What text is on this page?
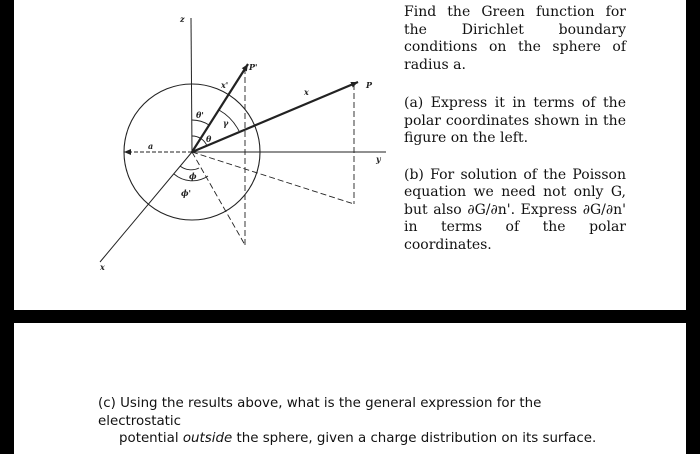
z
y
x
P
P'
x
x'
a
θ'
γ
θ
ϕ
ϕ'

Find the Green function for the Dirichlet boundary conditions on the sphere of radius a.

(a) Express it in terms of the polar coordinates shown in the figure on the left.

(b) For solution of the Poisson equation we need not only G, but also ∂G/∂n'. Express ∂G/∂n' in terms of the polar coordinates.

(c) Using the results above, what is the general expression for the electrostatic

potential outside the sphere, given a charge distribution on its surface.
